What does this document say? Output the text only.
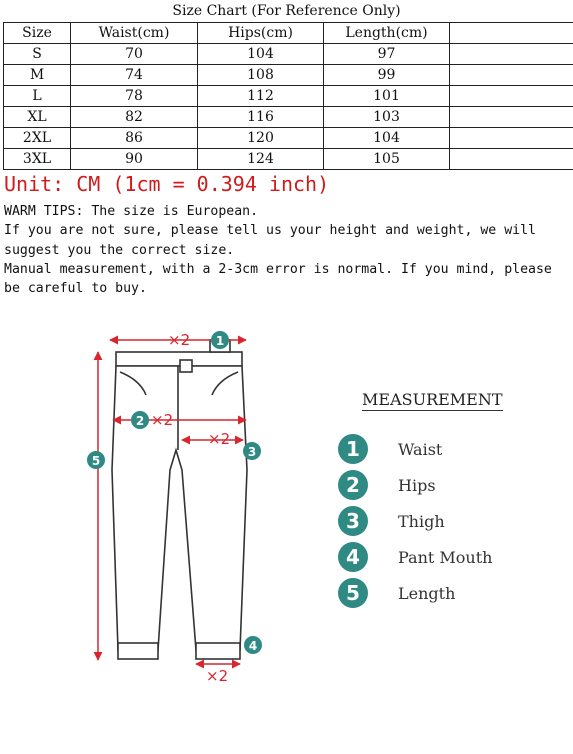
Size Chart (For Reference Only)
Size	Waist(cm)	Hips(cm)	Length(cm)	
S	70	104	97	
M	74	108	99	
L	78	112	101	
XL	82	116	103	
2XL	86	120	104	
3XL	90	124	105	
Unit: CM (1cm = 0.394 inch)
WARM TIPS: The size is European.
If you are not sure, please tell us your height and weight, we will suggest you the correct size.
Manual measurement, with a 2-3cm error is normal. If you mind, please be careful to buy.
×2 1
2 ×2
×2
3
4
×2
5
MEASUREMENT
1	Waist
2	Hips
3	Thigh
4	Pant Mouth
5	Length
